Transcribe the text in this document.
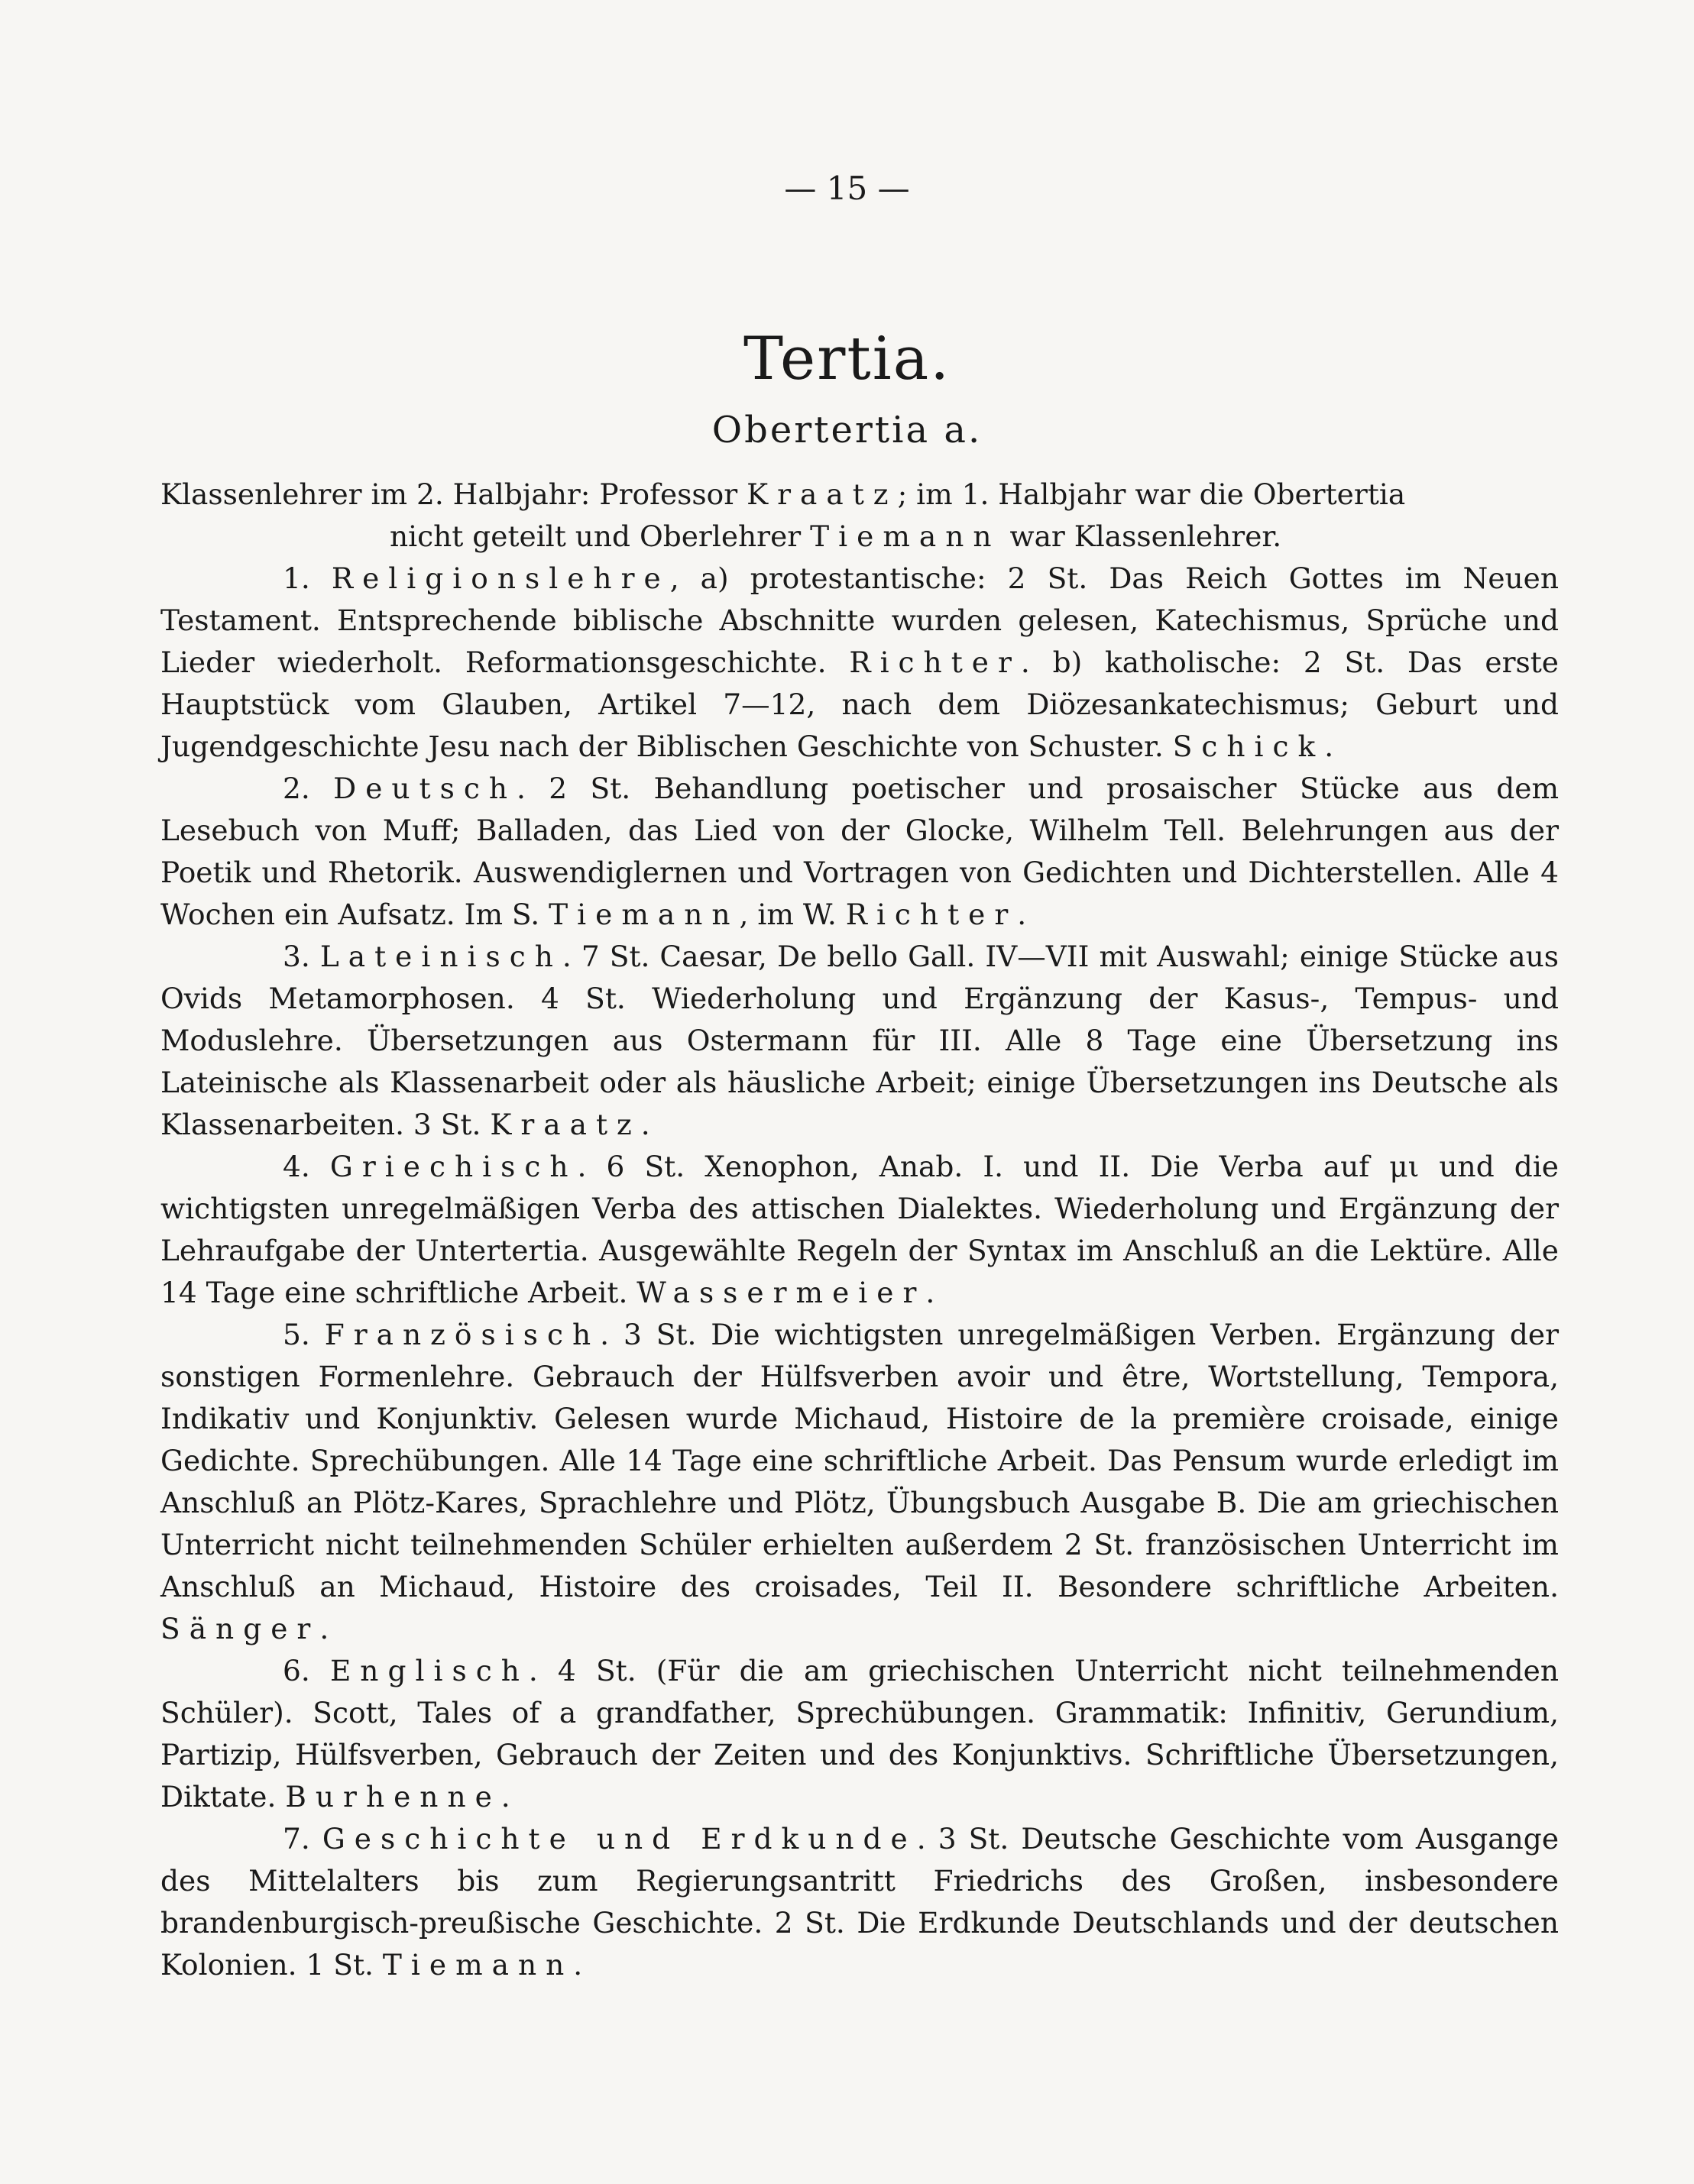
— 15 —
Tertia.
Obertertia a.

Klassenlehrer im 2. Halbjahr: Professor Kraatz; im 1. Halbjahr war die Obertertia

nicht geteilt und Oberlehrer Tiemann war Klassenlehrer.

1. Religionslehre, a) protestantische: 2 St. Das Reich Gottes im Neuen Testament. Entsprechende biblische Abschnitte wurden gelesen, Katechismus, Sprüche und Lieder wiederholt. Reformationsgeschichte. Richter. b) katholische: 2 St. Das erste Hauptstück vom Glauben, Artikel 7—12, nach dem Diözesankatechismus; Geburt und Jugendgeschichte Jesu nach der Biblischen Geschichte von Schuster. Schick.

2. Deutsch. 2 St. Behandlung poetischer und prosaischer Stücke aus dem Lesebuch von Muff; Balladen, das Lied von der Glocke, Wilhelm Tell. Belehrungen aus der Poetik und Rhetorik. Auswendiglernen und Vortragen von Gedichten und Dichterstellen. Alle 4 Wochen ein Aufsatz. Im S. Tiemann, im W. Richter.

3. Lateinisch. 7 St. Caesar, De bello Gall. IV—VII mit Auswahl; einige Stücke aus Ovids Metamorphosen. 4 St. Wiederholung und Ergänzung der Kasus-, Tempus- und Moduslehre. Übersetzungen aus Ostermann für III. Alle 8 Tage eine Übersetzung ins Lateinische als Klassenarbeit oder als häusliche Arbeit; einige Übersetzungen ins Deutsche als Klassenarbeiten. 3 St. Kraatz.

4. Griechisch. 6 St. Xenophon, Anab. I. und II. Die Verba auf μι und die wichtigsten unregelmäßigen Verba des attischen Dialektes. Wiederholung und Ergänzung der Lehraufgabe der Untertertia. Ausgewählte Regeln der Syntax im Anschluß an die Lektüre. Alle 14 Tage eine schriftliche Arbeit. Wassermeier.

5. Französisch. 3 St. Die wichtigsten unregelmäßigen Verben. Ergänzung der sonstigen Formenlehre. Gebrauch der Hülfsverben avoir und être, Wortstellung, Tempora, Indikativ und Konjunktiv. Gelesen wurde Michaud, Histoire de la première croisade, einige Gedichte. Sprechübungen. Alle 14 Tage eine schriftliche Arbeit. Das Pensum wurde erledigt im Anschluß an Plötz-Kares, Sprachlehre und Plötz, Übungsbuch Ausgabe B. Die am griechischen Unterricht nicht teilnehmenden Schüler erhielten außerdem 2 St. französischen Unterricht im Anschluß an Michaud, Histoire des croisades, Teil II. Besondere schriftliche Arbeiten. Sänger.

6. Englisch. 4 St. (Für die am griechischen Unterricht nicht teilnehmenden Schüler). Scott, Tales of a grandfather, Sprechübungen. Grammatik: Infinitiv, Gerundium, Partizip, Hülfsverben, Gebrauch der Zeiten und des Konjunktivs. Schriftliche Übersetzungen, Diktate. Burhenne.

7. Geschichte und Erdkunde. 3 St. Deutsche Geschichte vom Ausgange des Mittelalters bis zum Regierungsantritt Friedrichs des Großen, insbesondere brandenburgisch-preußische Geschichte. 2 St. Die Erdkunde Deutschlands und der deutschen Kolonien. 1 St. Tiemann.
